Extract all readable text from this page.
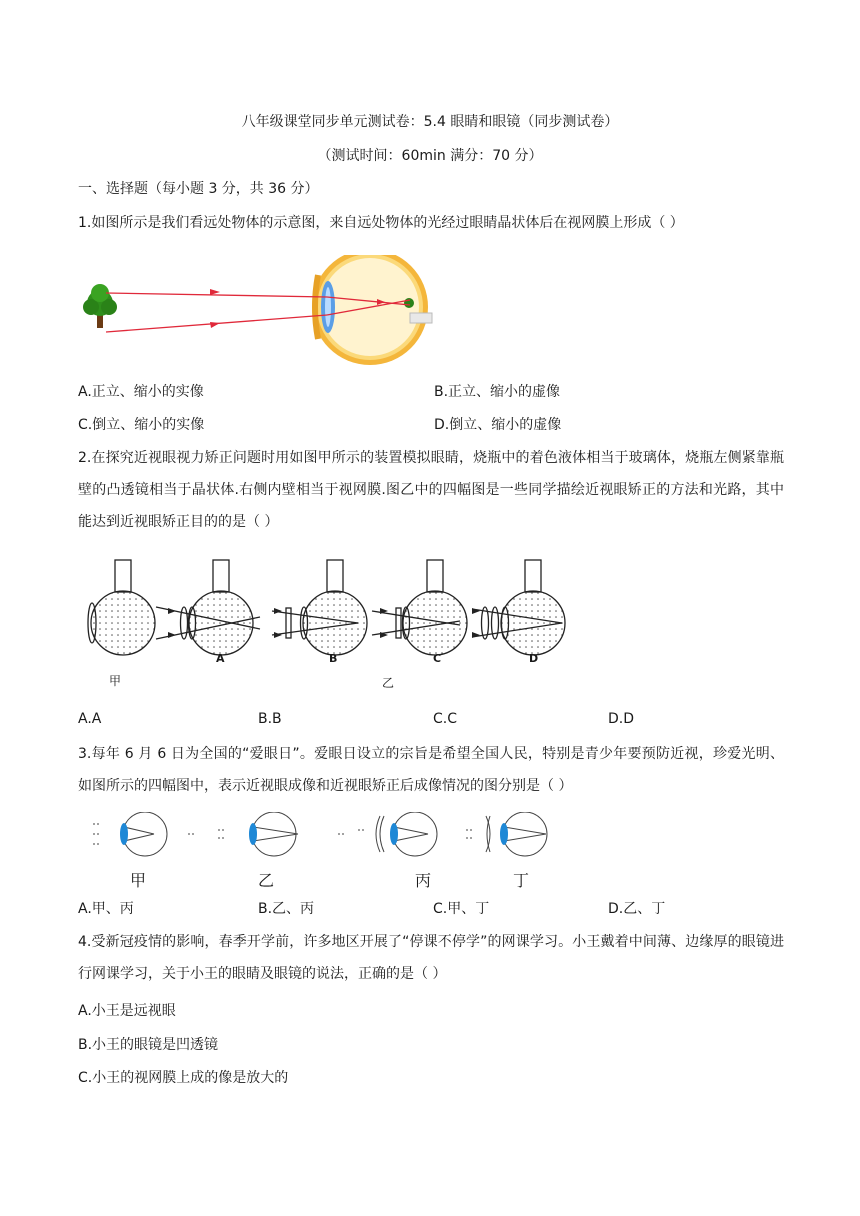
八年级课堂同步单元测试卷：5.4 眼睛和眼镜（同步测试卷）
（测试时间：60min 满分：70 分）
一、选择题（每小题 3 分，共 36 分）
1.如图所示是我们看远处物体的示意图，来自远处物体的光经过眼睛晶状体后在视网膜上形成（ ）
A.正立、缩小的实像	B.正立、缩小的虚像
C.倒立、缩小的实像	D.倒立、缩小的虚像
2.在探究近视眼视力矫正问题时用如图甲所示的装置模拟眼睛，烧瓶中的着色液体相当于玻璃体，烧瓶左侧紧靠瓶壁的凸透镜相当于晶状体.右侧内壁相当于视网膜.图乙中的四幅图是一些同学描绘近视眼矫正的方法和光路，其中能达到近视眼矫正目的的是（ ）
甲
A	B	C	D
乙
A.A	B.B	C.C	D.D
3.每年 6 月 6 日为全国的“爱眼日”。爱眼日设立的宗旨是希望全国人民，特别是青少年要预防近视，珍爱光明、如图所示的四幅图中，表示近视眼成像和近视眼矫正后成像情况的图分别是（ ）
甲	乙	丙	丁
A.甲、丙	B.乙、丙	C.甲、丁	D.乙、丁
4.受新冠疫情的影响，春季开学前，许多地区开展了“停课不停学”的网课学习。小王戴着中间薄、边缘厚的眼镜进行网课学习，关于小王的眼睛及眼镜的说法，正确的是（ ）
A.小王是远视眼
B.小王的眼镜是凹透镜
C.小王的视网膜上成的像是放大的
